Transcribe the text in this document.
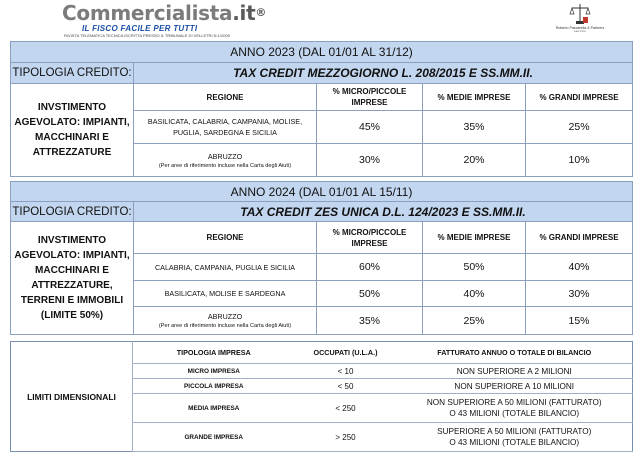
Commercialista.it®
IL FISCO FACILE PER TUTTI
RIVISTA TELEMATICA TECNICA ISCRITTA PRESSO IL TRIBUNALE DI VELLETRI N.1/2009
Roberto Pascarella & Partners
Law Firm
ANNO 2023 (DAL 01/01 AL 31/12)				
TIPOLOGIA CREDITO:	TAX CREDIT MEZZOGIORNO L. 208/2015 E SS.MM.II.			
INVSTIMENTO AGEVOLATO: IMPIANTI, MACCHINARI E ATTREZZATURE	REGIONE	% MICRO/PICCOLE IMPRESE	% MEDIE IMPRESE	% GRANDI IMPRESE
	BASILICATA, CALABRIA, CAMPANIA, MOLISE, PUGLIA, SARDEGNA E SICILIA	45%	35%	25%

	ABRUZZO
(Per aree di riferimento incluse nella Carta degli Aiuti)	30%	20%	10%
ANNO 2024 (DAL 01/01 AL 15/11)				
TIPOLOGIA CREDITO:	TAX CREDIT ZES UNICA D.L. 124/2023 E SS.MM.II.			
INVSTIMENTO AGEVOLATO: IMPIANTI, MACCHINARI E ATTREZZATURE, TERRENI E IMMOBILI (LIMITE 50%)	REGIONE	% MICRO/PICCOLE IMPRESE	% MEDIE IMPRESE	% GRANDI IMPRESE
	CALABRIA, CAMPANIA, PUGLIA E SICILIA	60%	50%	40%
	BASILICATA, MOLISE E SARDEGNA	50%	40%	30%

	ABRUZZO
(Per aree di riferimento incluse nella Carta degli Aiuti)	35%	25%	15%
LIMITI DIMENSIONALI	TIPOLOGIA IMPRESA	OCCUPATI (U.L.A.)	FATTURATO ANNUO O TOTALE DI BILANCIO
	MICRO IMPRESA	< 10	NON SUPERIORE A 2 MILIONI
	PICCOLA IMPRESA	< 50	NON SUPERIORE A 10 MILIONI
	MEDIA IMPRESA	< 250	NON SUPERIORE A 50 MILIONI (FATTURATO)
O 43 MILIONI (TOTALE BILANCIO)

	GRANDE IMPRESA	> 250	SUPERIORE A 50 MILIONI (FATTURATO)
O 43 MILIONI (TOTALE BILANCIO)
